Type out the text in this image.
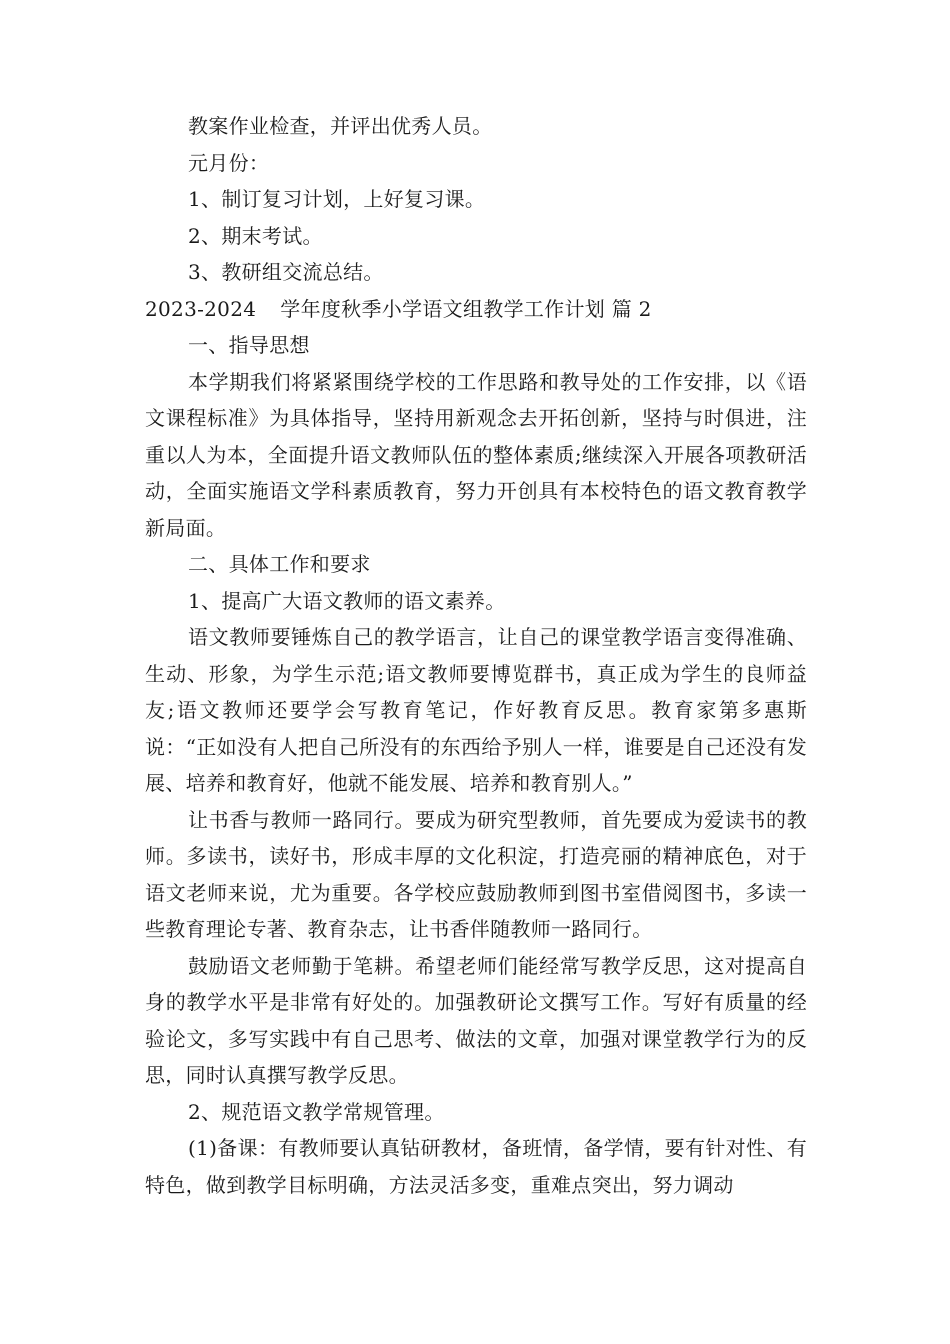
教案作业检查，并评出优秀人员。

元月份：

1、制订复习计划，上好复习课。

2、期末考试。

3、教研组交流总结。

2023-2024 学年度秋季小学语文组教学工作计划 篇 2

一、指导思想

本学期我们将紧紧围绕学校的工作思路和教导处的工作安排，以《语文课程标准》为具体指导，坚持用新观念去开拓创新，坚持与时俱进，注重以人为本，全面提升语文教师队伍的整体素质;继续深入开展各项教研活动，全面实施语文学科素质教育，努力开创具有本校特色的语文教育教学新局面。

二、具体工作和要求

1、提高广大语文教师的语文素养。

语文教师要锤炼自己的教学语言，让自己的课堂教学语言变得准确、生动、形象，为学生示范;语文教师要博览群书，真正成为学生的良师益友;语文教师还要学会写教育笔记，作好教育反思。教育家第多惠斯说：“正如没有人把自己所没有的东西给予别人一样，谁要是自己还没有发展、培养和教育好，他就不能发展、培养和教育别人。”

让书香与教师一路同行。要成为研究型教师，首先要成为爱读书的教师。多读书，读好书，形成丰厚的文化积淀，打造亮丽的精神底色，对于语文老师来说，尤为重要。各学校应鼓励教师到图书室借阅图书，多读一些教育理论专著、教育杂志，让书香伴随教师一路同行。

鼓励语文老师勤于笔耕。希望老师们能经常写教学反思，这对提高自身的教学水平是非常有好处的。加强教研论文撰写工作。写好有质量的经验论文，多写实践中有自己思考、做法的文章，加强对课堂教学行为的反思，同时认真撰写教学反思。

2、规范语文教学常规管理。

(1)备课：有教师要认真钻研教材，备班情，备学情，要有针对性、有特色，做到教学目标明确，方法灵活多变，重难点突出，努力调动
